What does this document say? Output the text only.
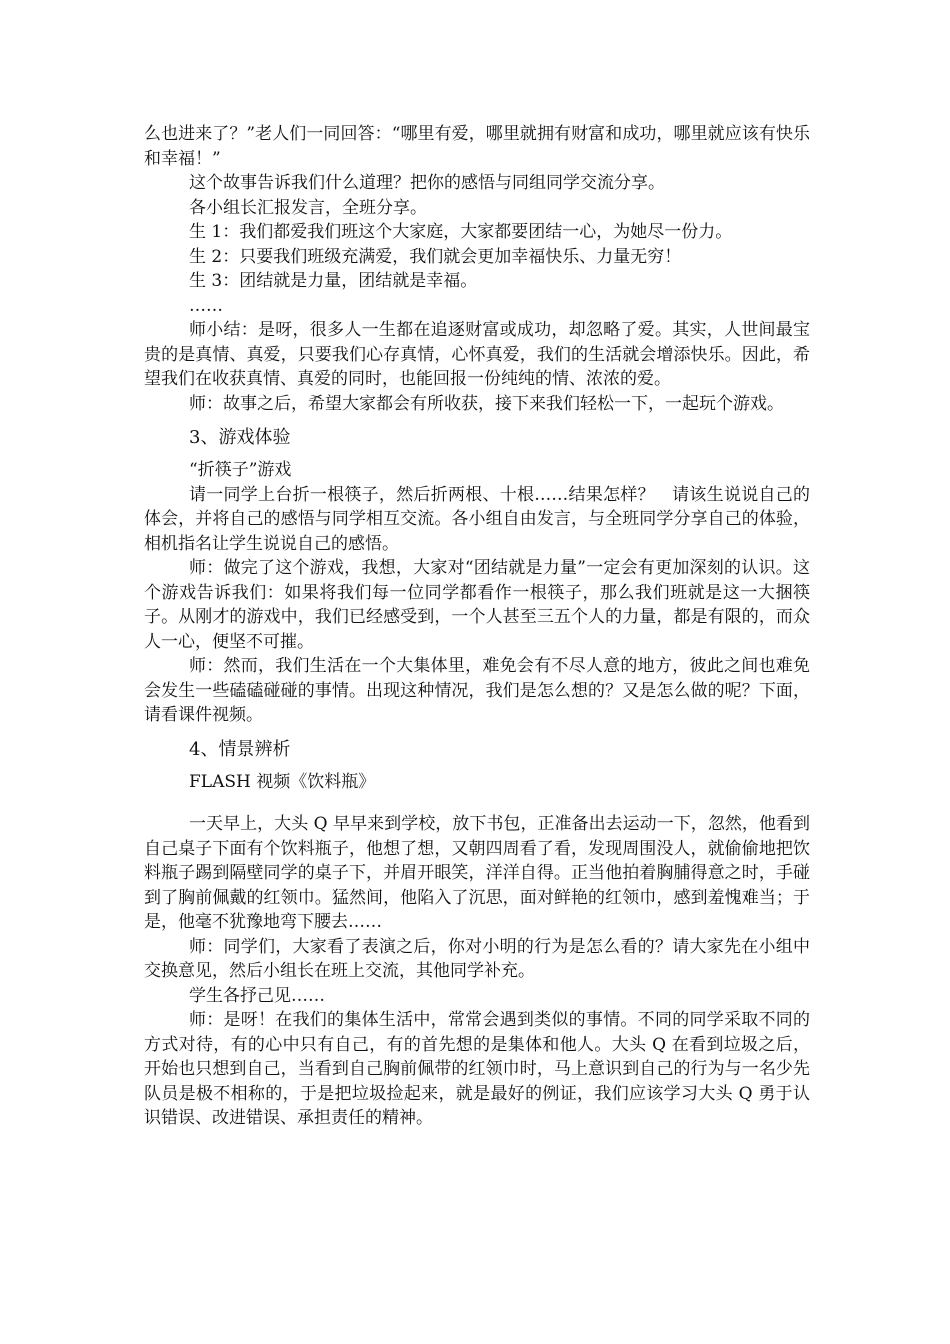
么也进来了？”老人们一同回答：“哪里有爱，哪里就拥有财富和成功，哪里就应该有快乐和幸福！”

这个故事告诉我们什么道理？把你的感悟与同组同学交流分享。

各小组长汇报发言，全班分享。

生 1：我们都爱我们班这个大家庭，大家都要团结一心，为她尽一份力。

生 2：只要我们班级充满爱，我们就会更加幸福快乐、力量无穷！

生 3：团结就是力量，团结就是幸福。

……

师小结：是呀，很多人一生都在追逐财富或成功，却忽略了爱。其实，人世间最宝贵的是真情、真爱，只要我们心存真情，心怀真爱，我们的生活就会增添快乐。因此，希望我们在收获真情、真爱的同时，也能回报一份纯纯的情、浓浓的爱。

师：故事之后，希望大家都会有所收获，接下来我们轻松一下，一起玩个游戏。

3、游戏体验

“折筷子”游戏

请一同学上台折一根筷子，然后折两根、十根……结果怎样？　请该生说说自己的体会，并将自己的感悟与同学相互交流。各小组自由发言，与全班同学分享自己的体验，相机指名让学生说说自己的感悟。

师：做完了这个游戏，我想，大家对“团结就是力量”一定会有更加深刻的认识。这个游戏告诉我们：如果将我们每一位同学都看作一根筷子，那么我们班就是这一大捆筷子。从刚才的游戏中，我们已经感受到，一个人甚至三五个人的力量，都是有限的，而众人一心，便坚不可摧。

师：然而，我们生活在一个大集体里，难免会有不尽人意的地方，彼此之间也难免会发生一些磕磕碰碰的事情。出现这种情况，我们是怎么想的？又是怎么做的呢？下面，请看课件视频。

4、情景辨析

FLASH 视频《饮料瓶》

一天早上，大头 Q 早早来到学校，放下书包，正准备出去运动一下，忽然，他看到自己桌子下面有个饮料瓶子，他想了想，又朝四周看了看，发现周围没人，就偷偷地把饮料瓶子踢到隔壁同学的桌子下，并眉开眼笑，洋洋自得。正当他拍着胸脯得意之时，手碰到了胸前佩戴的红领巾。猛然间，他陷入了沉思，面对鲜艳的红领巾，感到羞愧难当；于是，他毫不犹豫地弯下腰去……

师：同学们，大家看了表演之后，你对小明的行为是怎么看的？请大家先在小组中交换意见，然后小组长在班上交流，其他同学补充。

学生各抒己见……

师：是呀！在我们的集体生活中，常常会遇到类似的事情。不同的同学采取不同的方式对待，有的心中只有自己，有的首先想的是集体和他人。大头 Q 在看到垃圾之后，开始也只想到自己，当看到自己胸前佩带的红领巾时，马上意识到自己的行为与一名少先队员是极不相称的，于是把垃圾捡起来，就是最好的例证，我们应该学习大头 Q 勇于认识错误、改进错误、承担责任的精神。
